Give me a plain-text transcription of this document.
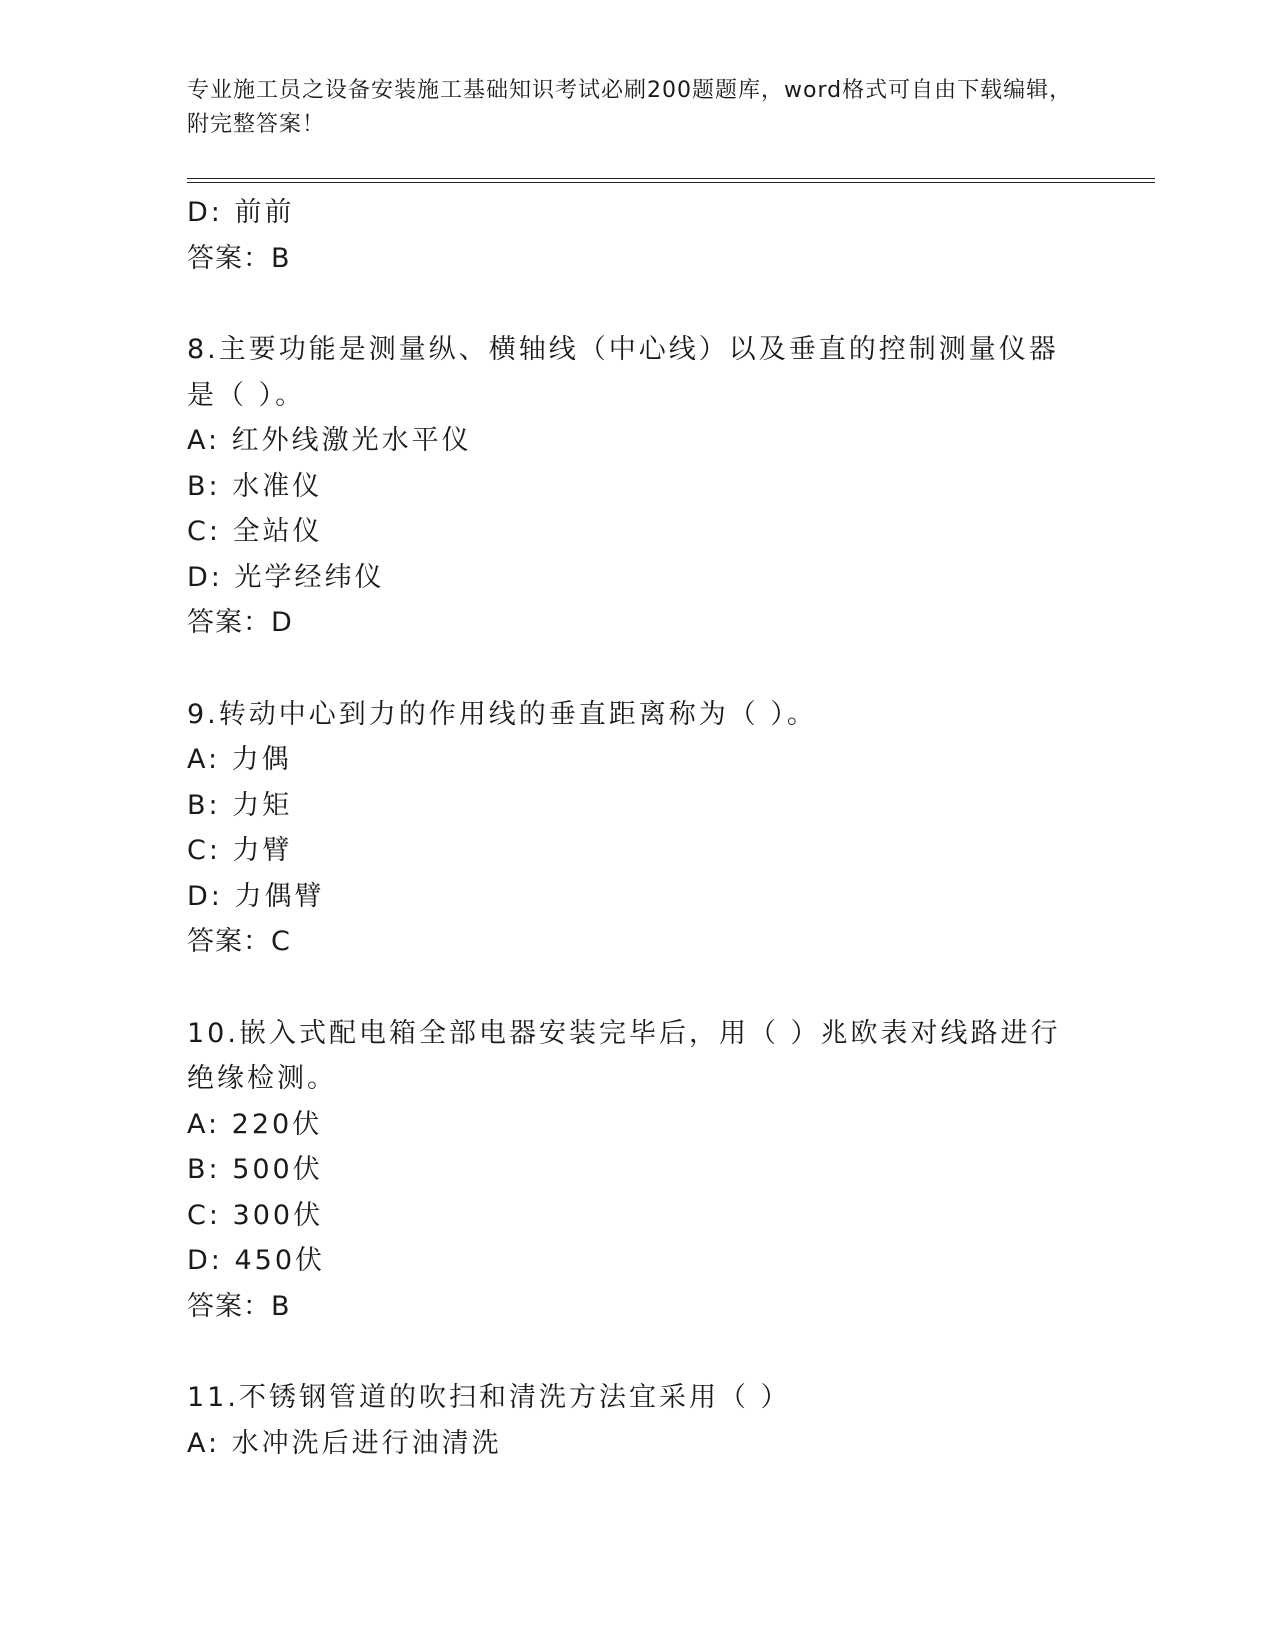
专业施工员之设备安装施工基础知识考试必刷200题题库，word格式可自由下载编辑，附完整答案！
D: 前前
答案：B
8.主要功能是测量纵、横轴线（中心线）以及垂直的控制测量仪器是（ ）。
A: 红外线激光水平仪
B: 水准仪
C: 全站仪
D: 光学经纬仪
答案：D
9.转动中心到力的作用线的垂直距离称为（ ）。
A: 力偶
B: 力矩
C: 力臂
D: 力偶臂
答案：C
10.嵌入式配电箱全部电器安装完毕后，用（ ）兆欧表对线路进行绝缘检测。
A: 220伏
B: 500伏
C: 300伏
D: 450伏
答案：B
11.不锈钢管道的吹扫和清洗方法宜采用（ ）
A: 水冲洗后进行油清洗
